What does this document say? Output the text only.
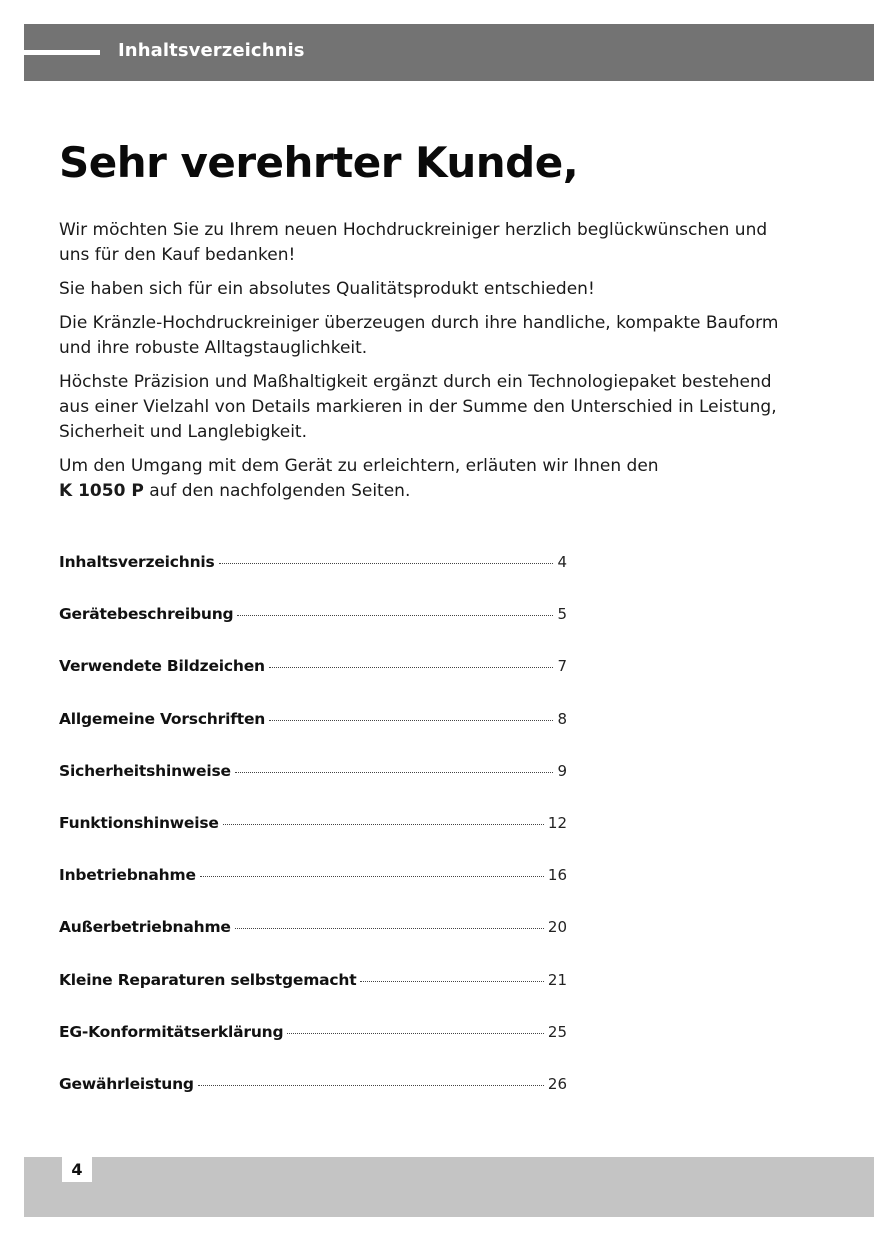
Inhaltsverzeichnis
Sehr verehrter Kunde,

Wir möchten Sie zu Ihrem neuen Hochdruckreiniger herzlich beglückwünschen und uns für den Kauf bedanken!

Sie haben sich für ein absolutes Qualitätsprodukt entschieden!

Die Kränzle-Hochdruckreiniger überzeugen durch ihre handliche, kompakte Bauform und ihre robuste Alltagstauglichkeit.

Höchste Präzision und Maßhaltigkeit ergänzt durch ein Technologiepaket bestehend aus einer Vielzahl von Details markieren in der Summe den Unterschied in Leistung, Sicherheit und Langlebigkeit.

Um den Umgang mit dem Gerät zu erleichtern, erläuten wir Ihnen den
K 1050 P auf den nachfolgenden Seiten.

Inhaltsverzeichnis	4
Gerätebeschreibung	5
Verwendete Bildzeichen	7
Allgemeine Vorschriften	8
Sicherheitshinweise	9
Funktionshinweise	12
Inbetriebnahme	16
Außerbetriebnahme	20
Kleine Reparaturen selbstgemacht	21
EG-Konformitätserklärung	25
Gewährleistung	26
4
